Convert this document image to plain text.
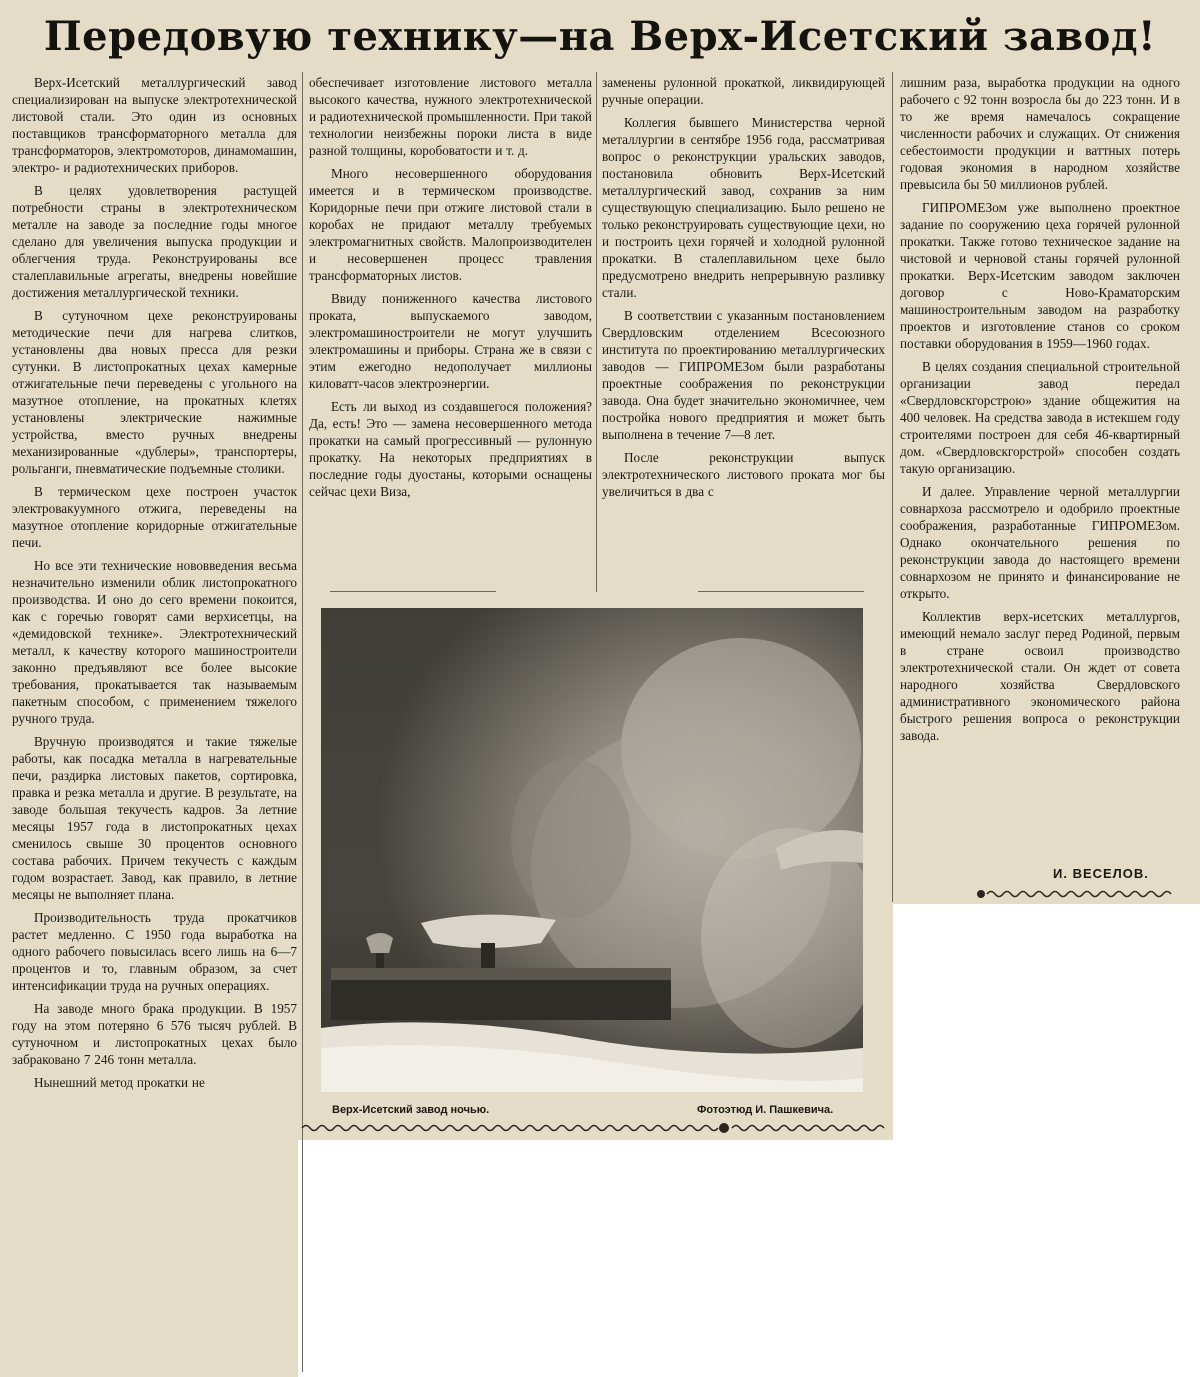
Передовую технику—на Верх-Исетский завод!

Верх-Исетский металлургический завод специализирован на выпуске электротехнической листовой стали. Это один из основных поставщиков трансформаторного металла для трансформаторов, электромоторов, динамомашин, электро- и радиотехнических приборов.

В целях удовлетворения растущей потребности страны в электротехническом металле на заводе за последние годы многое сделано для увеличения выпуска продукции и облегчения труда. Реконструированы все сталеплавильные агрегаты, внедрены новейшие достижения металлургической техники.

В сутуночном цехе реконструированы методические печи для нагрева слитков, установлены два новых пресса для резки сутунки. В листопрокатных цехах камерные отжигательные печи переведены с угольного на мазутное отопление, на прокатных клетях установлены электрические нажимные устройства, вместо ручных внедрены механизированные «дублеры», транспортеры, рольганги, пневматические подъемные столики.

В термическом цехе построен участок электровакуумного отжига, переведены на мазутное отопление коридорные отжигательные печи.

Но все эти технические нововведения весьма незначительно изменили облик листопрокатного производства. И оно до сего времени покоится, как с горечью говорят сами верхисетцы, на «демидовской технике». Электротехнический металл, к качеству которого машиностроители законно предъявляют все более высокие требования, прокатывается так называемым пакетным способом, с применением тяжелого ручного труда.

Вручную производятся и такие тяжелые работы, как посадка металла в нагревательные печи, раздирка листовых пакетов, сортировка, правка и резка металла и другие. В результате, на заводе большая текучесть кадров. За летние месяцы 1957 года в листопрокатных цехах сменилось свыше 30 процентов основного состава рабочих. Причем текучесть с каждым годом возрастает. Завод, как правило, в летние месяцы не выполняет плана.

Производительность труда прокатчиков растет медленно. С 1950 года выработка на одного рабочего повысилась всего лишь на 6—7 процентов и то, главным образом, за счет интенсификации труда на ручных операциях.

На заводе много брака продукции. В 1957 году на этом потеряно 6 576 тысяч рублей. В сутуночном и листопрокатных цехах было забраковано 7 246 тонн металла.

Нынешний метод прокатки не

обеспечивает изготовление листового металла высокого качества, нужного электротехнической и радиотехнической промышленности. При такой технологии неизбежны пороки листа в виде разной толщины, коробоватости и т. д.

Много несовершенного оборудования имеется и в термическом производстве. Коридорные печи при отжиге листовой стали в коробах не придают металлу требуемых электромагнитных свойств. Малопроизводителен и несовершенен процесс травления трансформаторных листов.

Ввиду пониженного качества листового проката, выпускаемого заводом, электромашиностроители не могут улучшить электромашины и приборы. Страна же в связи с этим ежегодно недополучает миллионы киловатт-часов электроэнергии.

Есть ли выход из создавшегося положения? Да, есть! Это — замена несовершенного метода прокатки на самый прогрессивный — рулонную прокатку. На некоторых предприятиях в последние годы дуостаны, которыми оснащены сейчас цехи Виза,

заменены рулонной прокаткой, ликвидирующей ручные операции.

Коллегия бывшего Министерства черной металлургии в сентябре 1956 года, рассматривая вопрос о реконструкции уральских заводов, постановила обновить Верх-Исетский металлургический завод, сохранив за ним существующую специализацию. Было решено не только реконструировать существующие цехи, но и построить цехи горячей и холодной рулонной прокатки. В сталеплавильном цехе было предусмотрено внедрить непрерывную разливку стали.

В соответствии с указанным постановлением Свердловским отделением Всесоюзного института по проектированию металлургических заводов — ГИПРОМЕЗом были разработаны проектные соображения по реконструкции завода. Она будет значительно экономичнее, чем постройка нового предприятия и может быть выполнена в течение 7—8 лет.

После реконструкции выпуск электротехнического листового проката мог бы увеличиться в два с

лишним раза, выработка продукции на одного рабочего с 92 тонн возросла бы до 223 тонн. И в то же время намечалось сокращение численности рабочих и служащих. От снижения себестоимости продукции и ваттных потерь годовая экономия в народном хозяйстве превысила бы 50 миллионов рублей.

ГИПРОМЕЗом уже выполнено проектное задание по сооружению цеха горячей рулонной прокатки. Также готово техническое задание на чистовой и черновой станы горячей рулонной прокатки. Верх-Исетским заводом заключен договор с Ново-Краматорским машиностроительным заводом на разработку проектов и изготовление станов со сроком поставки оборудования в 1959—1960 годах.

В целях создания специальной строительной организации завод передал «Свердловскгорстрою» здание общежития на 400 человек. На средства завода в истекшем году строителями построен для себя 46-квартирный дом. «Свердловскгорстрой» способен создать такую организацию.

И далее. Управление черной металлургии совнархоза рассмотрело и одобрило проектные соображения, разработанные ГИПРОМЕЗом. Однако окончательного решения по реконструкции завода до настоящего времени совнархозом не принято и финансирование не открыто.

Коллектив верх-исетских металлургов, имеющий немало заслуг перед Родиной, первым в стране освоил производство электротехнической стали. Он ждет от совета народного хозяйства Свердловского административного экономического района быстрого решения вопроса о реконструкции завода.

И. ВЕСЕЛОВ.
Верх-Исетский завод ночью.	Фотоэтюд И. Пашкевича.
